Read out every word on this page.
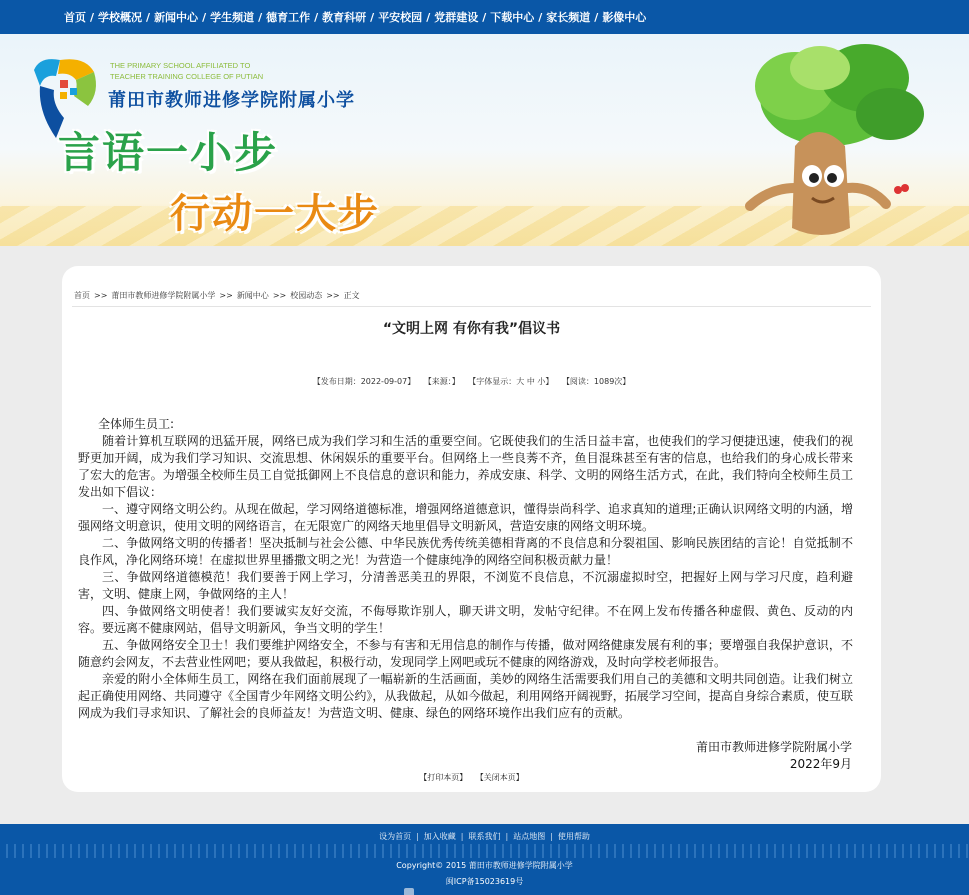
首页 / 学校概况 / 新闻中心 / 学生频道 / 德育工作 / 教育科研 / 平安校园 / 党群建设 / 下载中心 / 家长频道 / 影像中心
THE PRIMARY SCHOOL AFFILIATED TO
TEACHER TRAINING COLLEGE OF PUTIAN
莆田市教师进修学院附属小学
言语一小步
行动一大步
首页 >> 莆田市教师进修学院附属小学 >> 新闻中心 >> 校园动态 >> 正文
“文明上网 有你有我”倡议书
【发布日期：2022-09-07】 【来源：】 【字体显示：大 中 小】 【阅读：1089次】

全体师生员工:

随着计算机互联网的迅猛开展，网络已成为我们学习和生活的重要空间。它既使我们的生活日益丰富，也使我们的学习便捷迅速，使我们的视野更加开阔，成为我们学习知识、交流思想、休闲娱乐的重要平台。但网络上一些良莠不齐，鱼目混珠甚至有害的信息，也给我们的身心成长带来了宏大的危害。为增强全校师生员工自觉抵御网上不良信息的意识和能力，养成安康、科学、文明的网络生活方式，在此，我们特向全校师生员工发出如下倡议：

一、遵守网络文明公约。从现在做起，学习网络道德标准，增强网络道德意识，懂得崇尚科学、追求真知的道理;正确认识网络文明的内涵，增强网络文明意识，使用文明的网络语言，在无限宽广的网络天地里倡导文明新风，营造安康的网络文明环境。

二、争做网络文明的传播者！坚决抵制与社会公德、中华民族优秀传统美德相背离的不良信息和分裂祖国、影响民族团结的言论！自觉抵制不良作风，净化网络环境！在虚拟世界里播撒文明之光！为营造一个健康纯净的网络空间积极贡献力量！

三、争做网络道德模范！我们要善于网上学习，分清善恶美丑的界限，不浏览不良信息，不沉溺虚拟时空，把握好上网与学习尺度，趋利避害，文明、健康上网，争做网络的主人！

四、争做网络文明使者！我们要诚实友好交流，不侮辱欺诈别人，聊天讲文明，发帖守纪律。不在网上发布传播各种虚假、黄色、反动的内容。要远离不健康网站，倡导文明新风，争当文明的学生！

五、争做网络安全卫士！我们要维护网络安全，不参与有害和无用信息的制作与传播，做对网络健康发展有利的事；要增强自我保护意识，不随意约会网友，不去营业性网吧；要从我做起，积极行动，发现同学上网吧或玩不健康的网络游戏，及时向学校老师报告。

亲爱的附小全体师生员工，网络在我们面前展现了一幅崭新的生活画面，美妙的网络生活需要我们用自己的美德和文明共同创造。让我们树立起正确使用网络、共同遵守《全国青少年网络文明公约》，从我做起，从如今做起，利用网络开阔视野，拓展学习空间，提高自身综合素质，使互联网成为我们寻求知识、了解社会的良师益友！为营造文明、健康、绿色的网络环境作出我们应有的贡献。

莆田市教师进修学院附属小学
2022年9月
【打印本页】 【关闭本页】
设为首页 | 加入收藏 | 联系我们 | 站点地图 | 使用帮助
Copyright© 2015 莆田市教师进修学院附属小学
闽ICP备15023619号
